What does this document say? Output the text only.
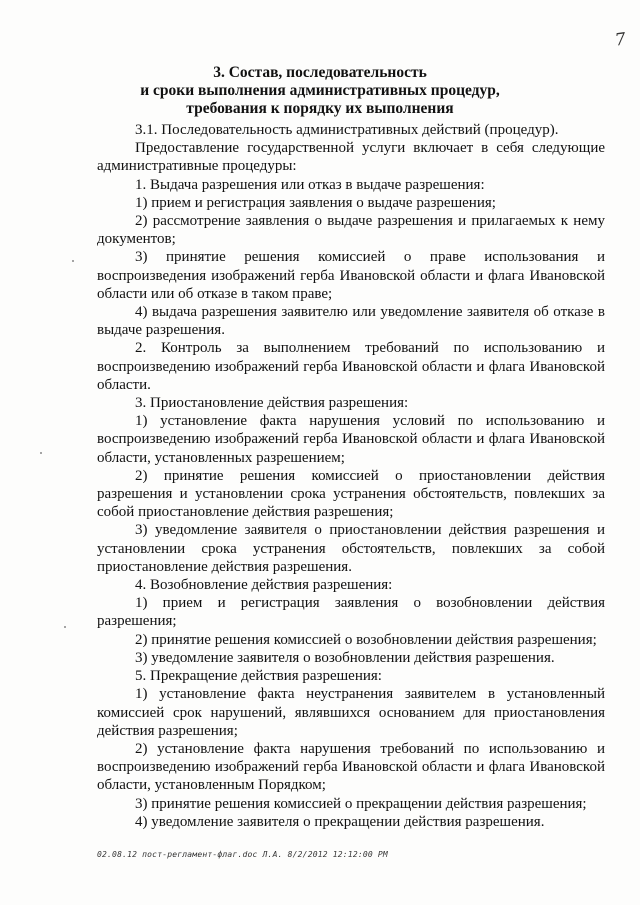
7
3. Состав, последовательность
и сроки выполнения административных процедур,
требования к порядку их выполнения

3.1. Последовательность административных действий (процедур).

Предоставление государственной услуги включает в себя следующие административные процедуры:

1. Выдача разрешения или отказ в выдаче разрешения:

1) прием и регистрация заявления о выдаче разрешения;

2) рассмотрение заявления о выдаче разрешения и прилагаемых к нему документов;

3) принятие решения комиссией о праве использования и воспроизведения изображений герба Ивановской области и флага Ивановской области или об отказе в таком праве;

4) выдача разрешения заявителю или уведомление заявителя об отказе в выдаче разрешения.

2. Контроль за выполнением требований по использованию и воспроизведению изображений герба Ивановской области и флага Ивановской области.

3. Приостановление действия разрешения:

1) установление факта нарушения условий по использованию и воспроизведению изображений герба Ивановской области и флага Ивановской области, установленных разрешением;

2) принятие решения комиссией о приостановлении действия разрешения и установлении срока устранения обстоятельств, повлекших за собой приостановление действия разрешения;

3) уведомление заявителя о приостановлении действия разрешения и установлении срока устранения обстоятельств, повлекших за собой приостановление действия разрешения.

4. Возобновление действия разрешения:

1) прием и регистрация заявления о возобновлении действия разрешения;

2) принятие решения комиссией о возобновлении действия разрешения;

3) уведомление заявителя о возобновлении действия разрешения.

5. Прекращение действия разрешения:

1) установление факта неустранения заявителем в установленный комиссией срок нарушений, являвшихся основанием для приостановления действия разрешения;

2) установление факта нарушения требований по использованию и воспроизведению изображений герба Ивановской области и флага Ивановской области, установленным Порядком;

3) принятие решения комиссией о прекращении действия разрешения;

4) уведомление заявителя о прекращении действия разрешения.

02.08.12 пост-регламент-флаг.doc Л.А. 8/2/2012 12:12:00 PM
